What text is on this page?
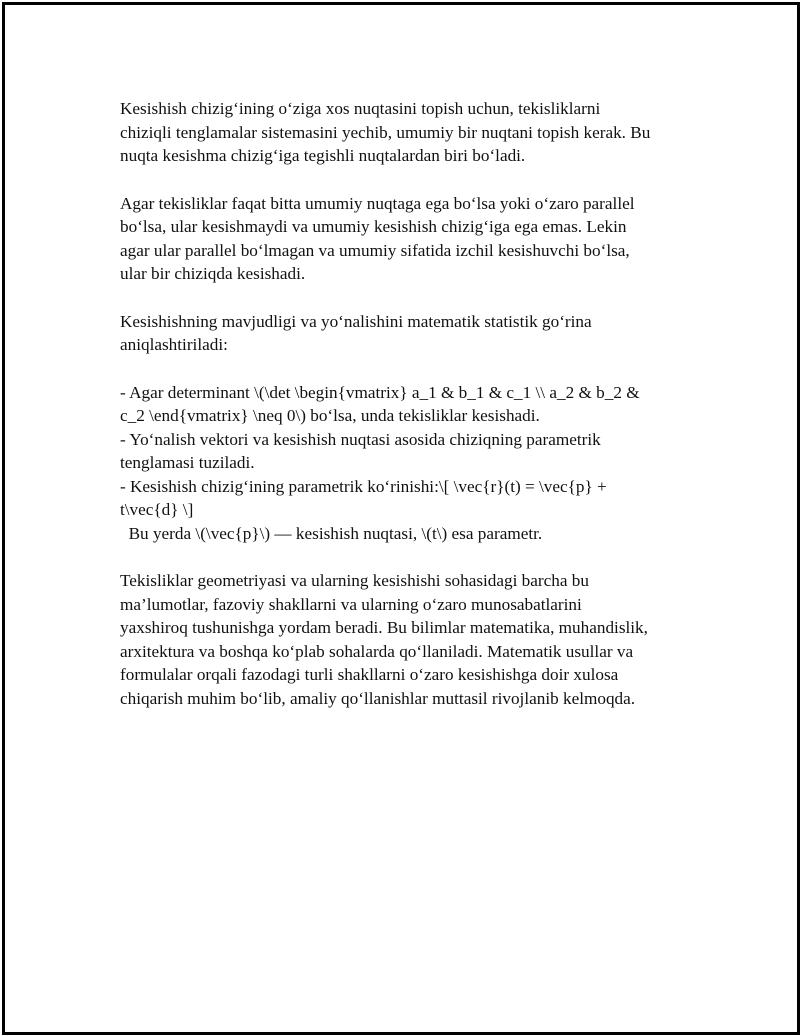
Kesishish chizig‘ining o‘ziga xos nuqtasini topish uchun, tekisliklarni
chiziqli tenglamalar sistemasini yechib, umumiy bir nuqtani topish kerak. Bu
nuqta kesishma chizig‘iga tegishli nuqtalardan biri bo‘ladi.

Agar tekisliklar faqat bitta umumiy nuqtaga ega bo‘lsa yoki o‘zaro parallel
bo‘lsa, ular kesishmaydi va umumiy kesishish chizig‘iga ega emas. Lekin
agar ular parallel bo‘lmagan va umumiy sifatida izchil kesishuvchi bo‘lsa,
ular bir chiziqda kesishadi.

Kesishishning mavjudligi va yo‘nalishini matematik statistik go‘rina
aniqlashtiriladi:

- Agar determinant \(\det \begin{vmatrix} a_1 & b_1 & c_1 \\ a_2 & b_2 &
c_2 \end{vmatrix} \neq 0\) bo‘lsa, unda tekisliklar kesishadi.
- Yo‘nalish vektori va kesishish nuqtasi asosida chiziqning parametrik
tenglamasi tuziladi.
- Kesishish chizig‘ining parametrik ko‘rinishi:\[ \vec{r}(t) = \vec{p} +
t\vec{d} \]
Bu yerda \(\vec{p}\) — kesishish nuqtasi, \(t\) esa parametr.

Tekisliklar geometriyasi va ularning kesishishi sohasidagi barcha bu
ma’lumotlar, fazoviy shakllarni va ularning o‘zaro munosabatlarini
yaxshiroq tushunishga yordam beradi. Bu bilimlar matematika, muhandislik,
arxitektura va boshqa ko‘plab sohalarda qo‘llaniladi. Matematik usullar va
formulalar orqali fazodagi turli shakllarni o‘zaro kesishishga doir xulosa
chiqarish muhim bo‘lib, amaliy qo‘llanishlar muttasil rivojlanib kelmoqda.
